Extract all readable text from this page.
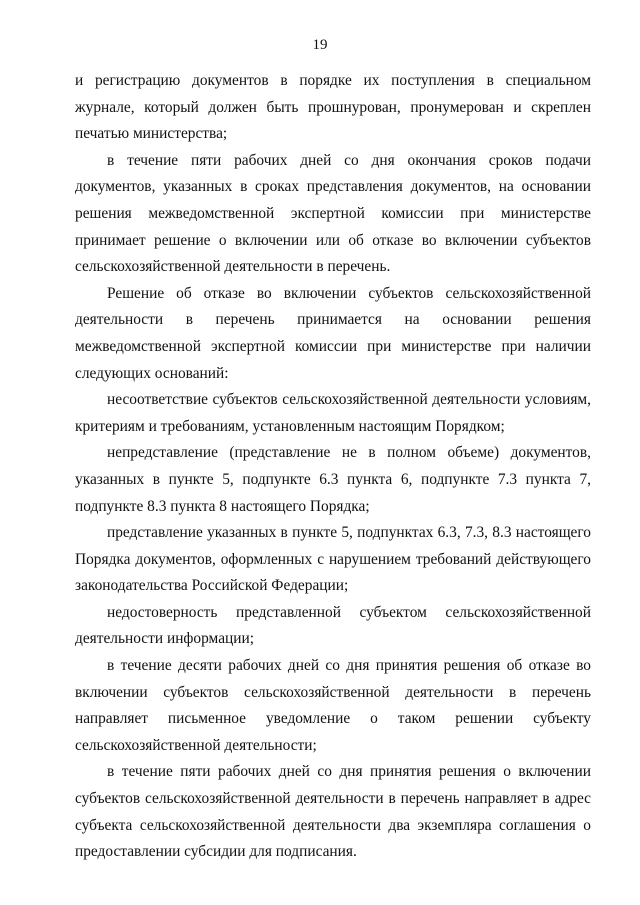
19

и регистрацию документов в порядке их поступления в специальном журнале, который должен быть прошнурован, пронумерован и скреплен печатью министерства;

в течение пяти рабочих дней со дня окончания сроков подачи документов, указанных в сроках представления документов, на основании решения межведомственной экспертной комиссии при министерстве принимает решение о включении или об отказе во включении субъектов сельскохозяйственной деятельности в перечень.

Решение об отказе во включении субъектов сельскохозяйственной деятельности в перечень принимается на основании решения межведомственной экспертной комиссии при министерстве при наличии следующих оснований:

несоответствие субъектов сельскохозяйственной деятельности условиям, критериям и требованиям, установленным настоящим Порядком;

непредставление (представление не в полном объеме) документов, указанных в пункте 5, подпункте 6.3 пункта 6, подпункте 7.3 пункта 7, подпункте 8.3 пункта 8 настоящего Порядка;

представление указанных в пункте 5, подпунктах 6.3, 7.3, 8.3 настоящего Порядка документов, оформленных с нарушением требований действующего законодательства Российской Федерации;

недостоверность представленной субъектом сельскохозяйственной деятельности информации;

в течение десяти рабочих дней со дня принятия решения об отказе во включении субъектов сельскохозяйственной деятельности в перечень направляет письменное уведомление о таком решении субъекту сельскохозяйственной деятельности;

в течение пяти рабочих дней со дня принятия решения о включении субъектов сельскохозяйственной деятельности в перечень направляет в адрес субъекта сельскохозяйственной деятельности два экземпляра соглашения о предоставлении субсидии для подписания.
